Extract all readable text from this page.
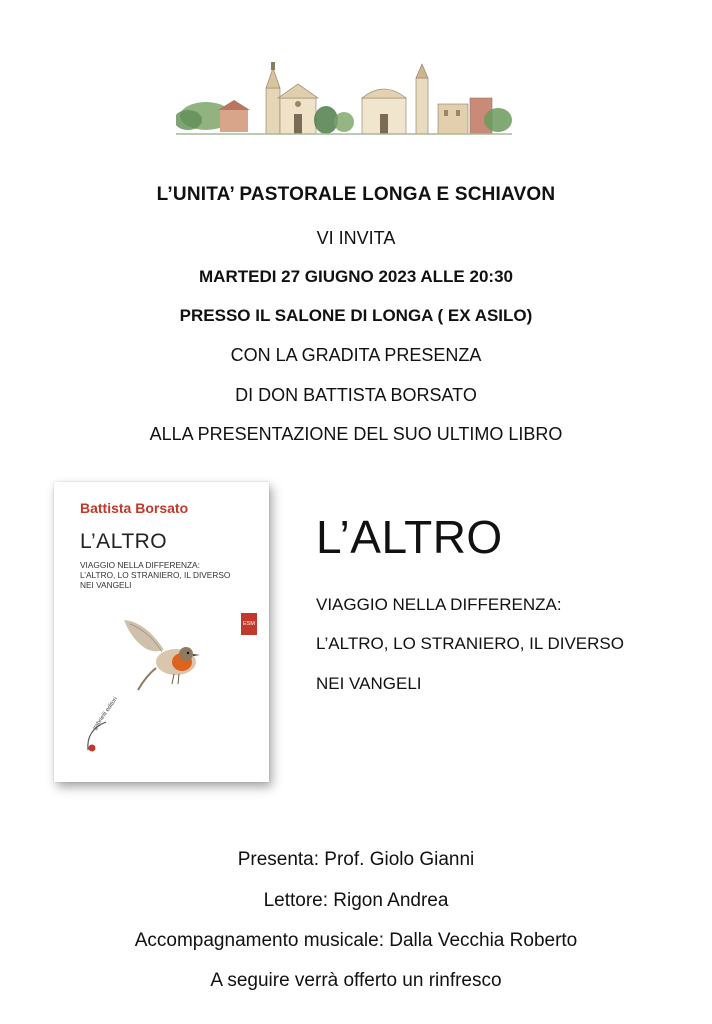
L’UNITA’ PASTORALE LONGA E SCHIAVON
VI INVITA
MARTEDI 27 GIUGNO 2023 ALLE 20:30
PRESSO IL SALONE DI LONGA ( EX ASILO)
CON LA GRADITA PRESENZA
DI DON BATTISTA BORSATO
ALLA PRESENTAZIONE DEL SUO ULTIMO LIBRO
Battista Borsato
L’ALTRO
VIAGGIO NELLA DIFFERENZA:
L’ALTRO, LO STRANIERO, IL DIVERSO
NEI VANGELI
ESM
gabrielli editori
L’ALTRO
VIAGGIO NELLA DIFFERENZA:
L’ALTRO, LO STRANIERO, IL DIVERSO
NEI VANGELI
Presenta: Prof. Giolo Gianni
Lettore: Rigon Andrea
Accompagnamento musicale: Dalla Vecchia Roberto
A seguire verrà offerto un rinfresco
